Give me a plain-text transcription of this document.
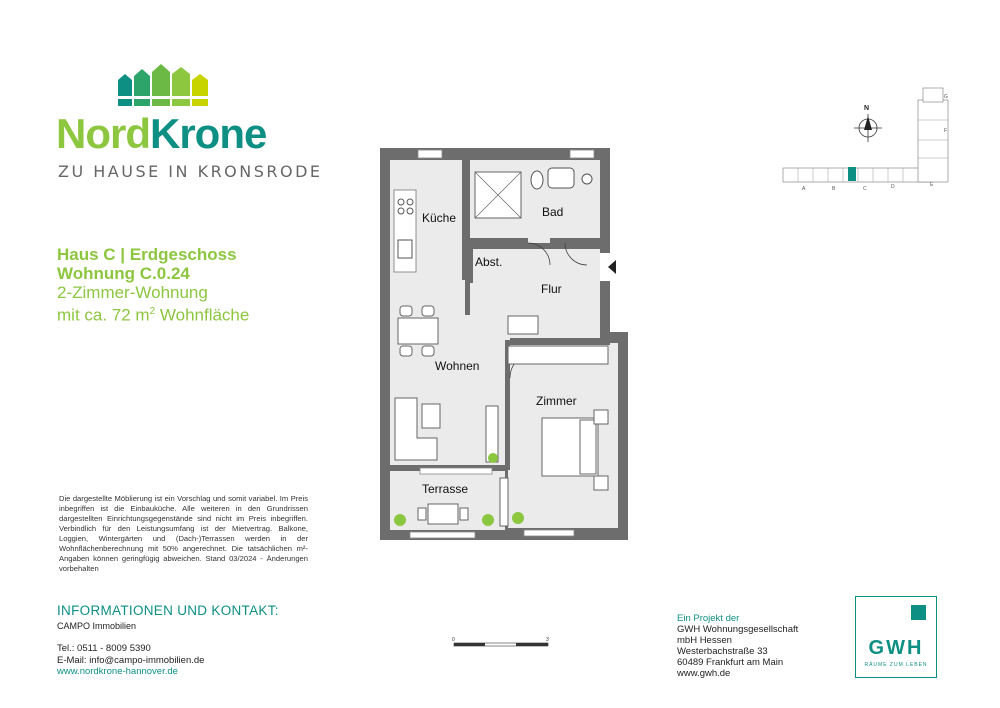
NordKrone
ZU HAUSE IN KRONSRODE
Haus C | Erdgeschoss
Wohnung C.0.24
2-Zimmer-Wohnung
mit ca. 72 $m^2$ Wohnfläche
Die dargestellte Möblierung ist ein Vorschlag und somit variabel. Im Preis inbegriffen ist die Einbauküche. Alle weiteren in den Grundrissen dargestellten Einrichtungsgegenstände sind nicht im Preis inbegriffen. Verbindlich für den Leistungsumfang ist der Mietvertrag. Balkone, Loggien, Wintergärten und (Dach-)Terrassen werden in der Wohnflächenberechnung mit 50% angerechnet. Die tatsächlichen m²-Angaben können geringfügig abweichen. Stand 03/2024 - Änderungen vorbehalten
Küche	Bad
Abst.
Flur
Wohnen
Zimmer
Terrasse
N
A	B	C	D	E
F
G
0	3
INFORMATIONEN UND KONTAKT:
CAMPO Immobilien
Tel.: 0511 - 8009 5390
E-Mail: info@campo-immobilien.de
www.nordkrone-hannover.de
Ein Projekt der
GWH Wohnungsgesellschaft
mbH Hessen
Westerbachstraße 33
60489 Frankfurt am Main
www.gwh.de
GWH
RÄUME ZUM LEBEN
